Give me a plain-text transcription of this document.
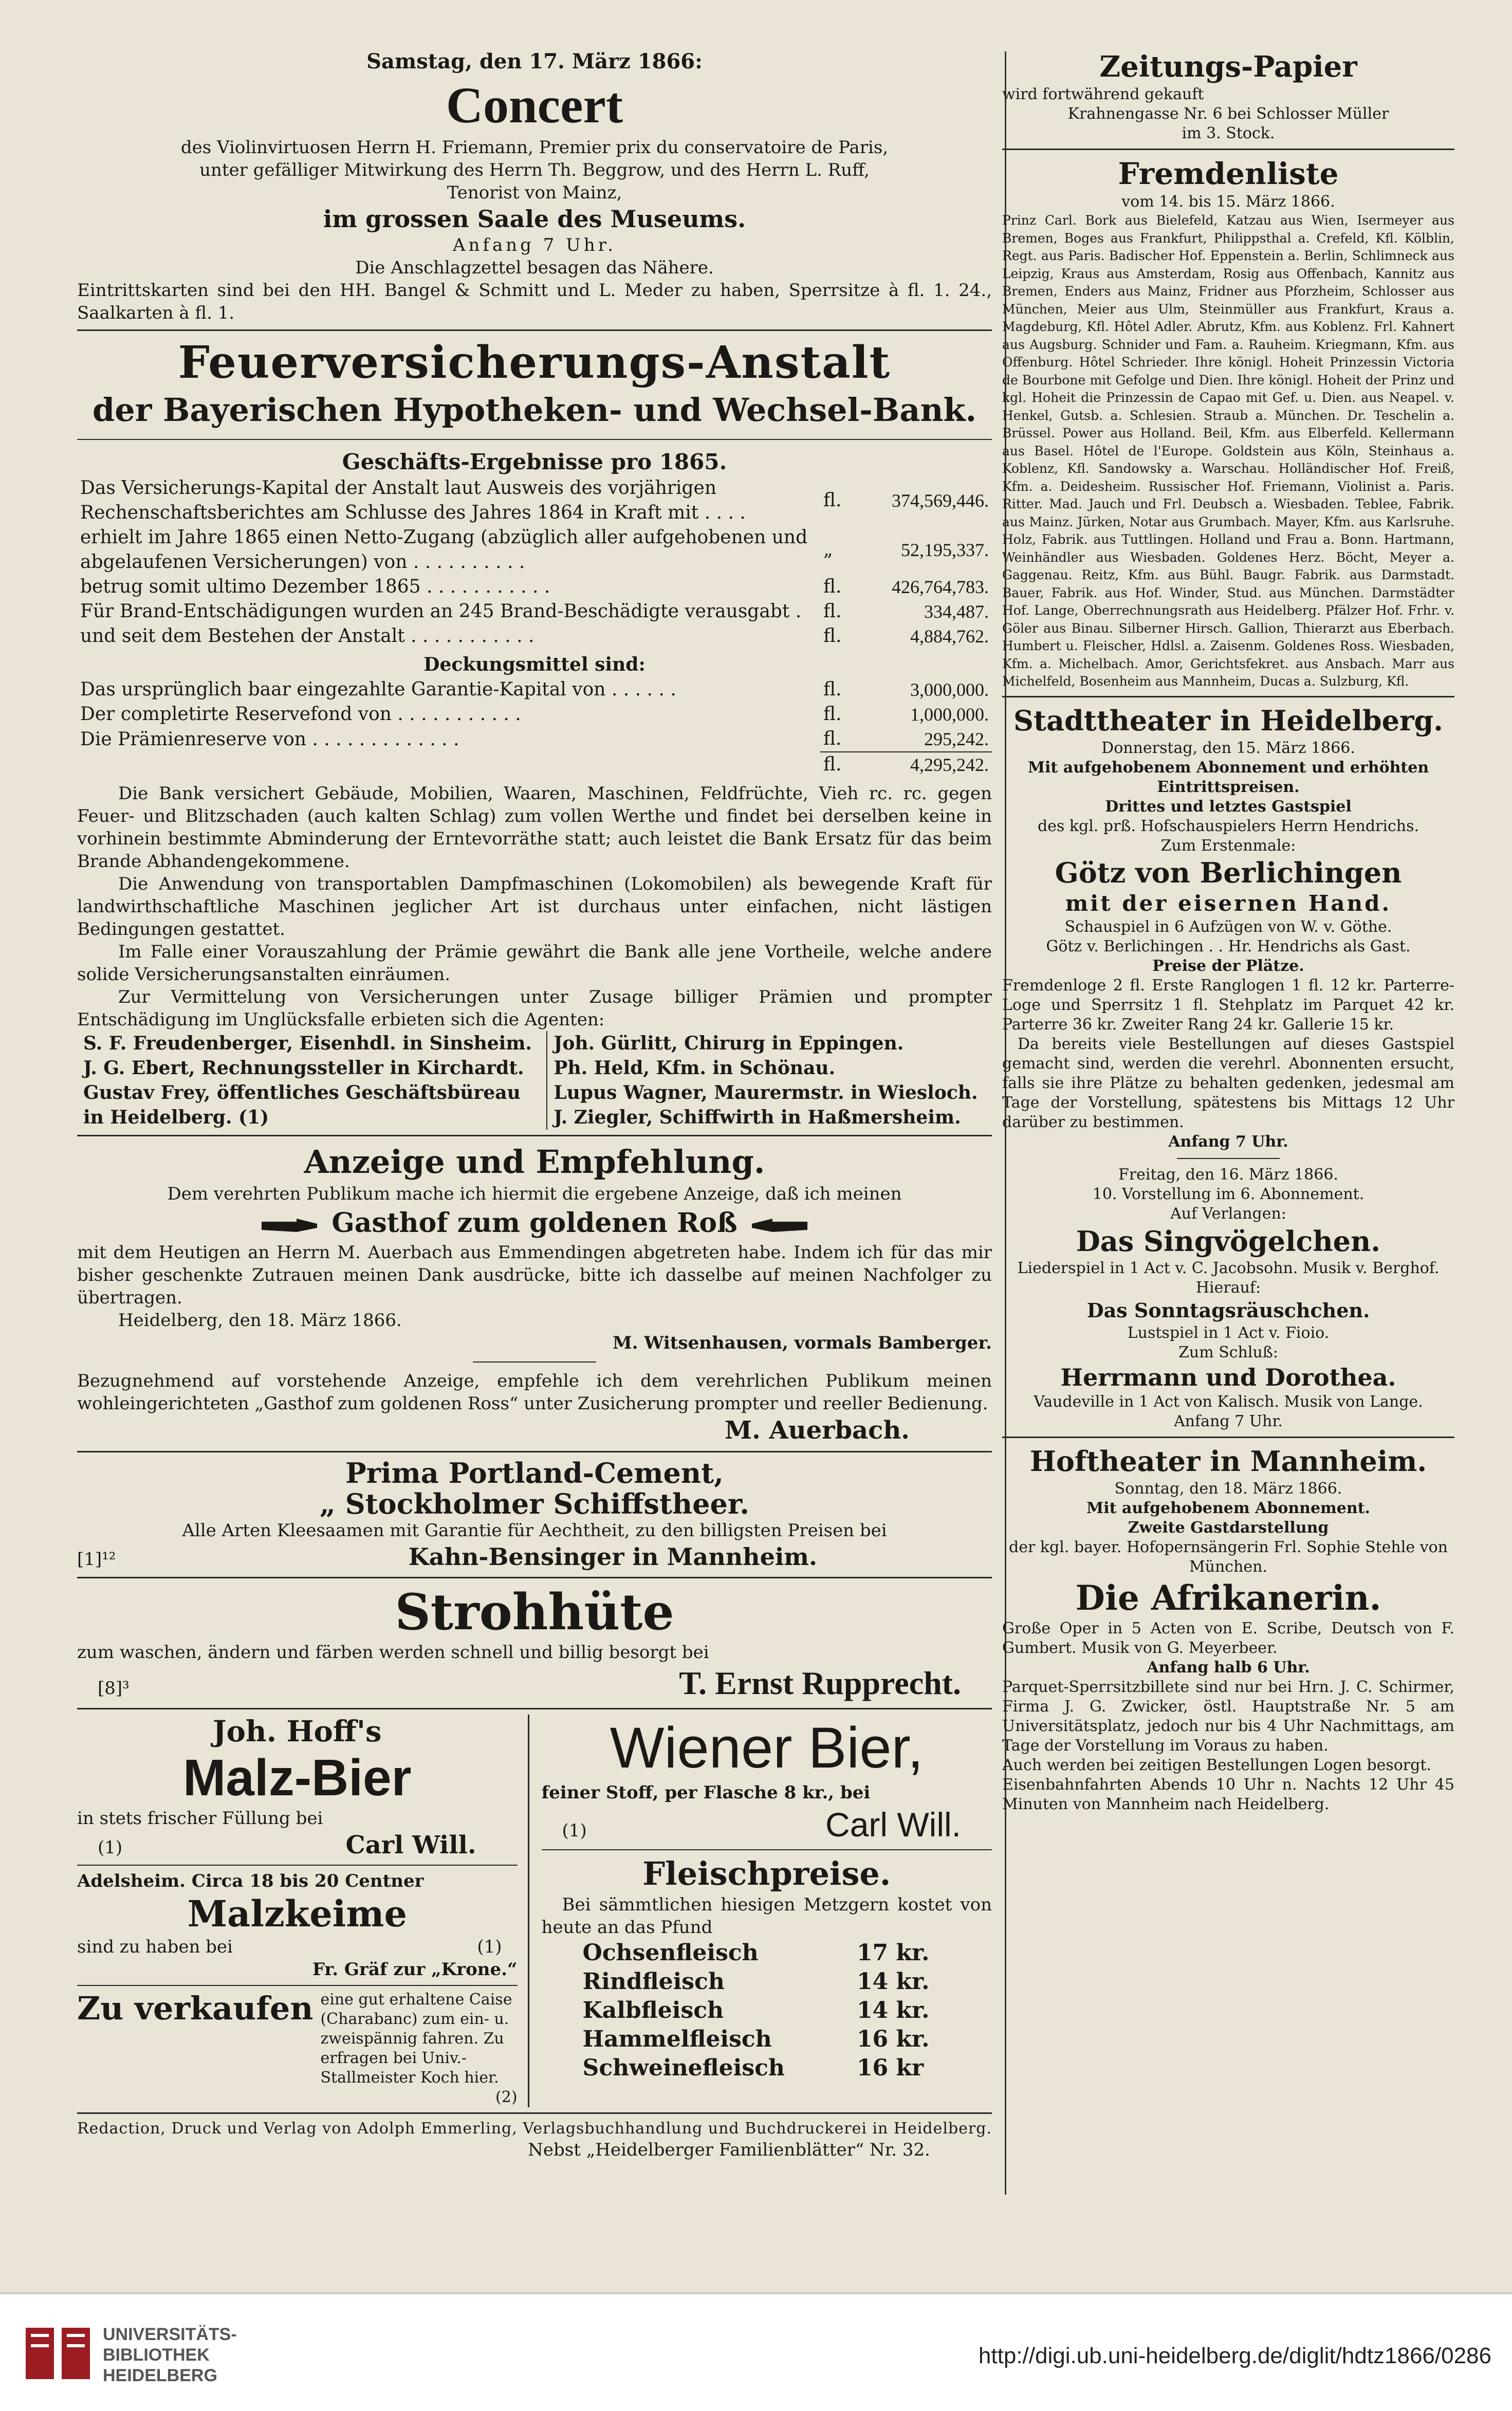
Samstag, den 17. März 1866:

Concert

des Violinvirtuosen Herrn H. Friemann, Premier prix du conservatoire de Paris,

unter gefälliger Mitwirkung des Herrn Th. Beggrow, und des Herrn L. Ruff,

Tenorist von Mainz,

im grossen Saale des Museums.

Anfang 7 Uhr.

Die Anschlagzettel besagen das Nähere.

Eintrittskarten sind bei den HH. Bangel & Schmitt und L. Meder zu haben, Sperrsitze à fl. 1. 24., Saalkarten à fl. 1.

Feuerversicherungs-Anstalt

der Bayerischen Hypotheken- und Wechsel-Bank.

Geschäfts-Ergebnisse pro 1865.

Das Versicherungs-Kapital der Anstalt laut Ausweis des vorjährigen Rechenschaftsberichtes am Schlusse des Jahres 1864 in Kraft mit . . . .	fl.	374,569,446.
erhielt im Jahre 1865 einen Netto-Zugang (abzüglich aller aufgehobenen und abgelaufenen Versicherungen) von . . . . . . . . . .	„	52,195,337.
betrug somit ultimo Dezember 1865 . . . . . . . . . . .	fl.	426,764,783.
Für Brand-Entschädigungen wurden an 245 Brand-Beschädigte verausgabt .	fl.	334,487.
und seit dem Bestehen der Anstalt . . . . . . . . . . .	fl.	4,884,762.

Deckungsmittel sind:

Das ursprünglich baar eingezahlte Garantie-Kapital von . . . . . .	fl.	3,000,000.
Der completirte Reservefond von . . . . . . . . . . .	fl.	1,000,000.
Die Prämienreserve von . . . . . . . . . . . . .	fl.	295,242.
	fl.	4,295,242.

Die Bank versichert Gebäude, Mobilien, Waaren, Maschinen, Feldfrüchte, Vieh rc. rc. gegen Feuer- und Blitzschaden (auch kalten Schlag) zum vollen Werthe und findet bei derselben keine in vorhinein bestimmte Abminderung der Erntevorräthe statt; auch leistet die Bank Ersatz für das beim Brande Abhandengekommene.

Die Anwendung von transportablen Dampfmaschinen (Lokomobilen) als bewegende Kraft für landwirthschaftliche Maschinen jeglicher Art ist durchaus unter einfachen, nicht lästigen Bedingungen gestattet.

Im Falle einer Vorauszahlung der Prämie gewährt die Bank alle jene Vortheile, welche andere solide Versicherungsanstalten einräumen.

Zur Vermittelung von Versicherungen unter Zusage billiger Prämien und prompter Entschädigung im Unglücksfalle erbieten sich die Agenten:

S. F. Freudenberger, Eisenhdl. in Sinsheim.	Joh. Gürlitt, Chirurg in Eppingen.
J. G. Ebert, Rechnungssteller in Kirchardt.	Ph. Held, Kfm. in Schönau.
Gustav Frey, öffentliches Geschäftsbüreau	Lupus Wagner, Maurermstr. in Wiesloch.
in Heidelberg. (1)	J. Ziegler, Schiffwirth in Haßmersheim.

Anzeige und Empfehlung.

Dem verehrten Publikum mache ich hiermit die ergebene Anzeige, daß ich meinen

Gasthof zum goldenen Roß

mit dem Heutigen an Herrn M. Auerbach aus Emmendingen abgetreten habe. Indem ich für das mir bisher geschenkte Zutrauen meinen Dank ausdrücke, bitte ich dasselbe auf meinen Nachfolger zu übertragen.

Heidelberg, den 18. März 1866.

M. Witsenhausen, vormals Bamberger.

Bezugnehmend auf vorstehende Anzeige, empfehle ich dem verehrlichen Publikum meinen wohleingerichteten „Gasthof zum goldenen Ross“ unter Zusicherung prompter und reeller Bedienung.

M. Auerbach.

Prima Portland-Cement,

„ Stockholmer Schiffstheer.

Alle Arten Kleesaamen mit Garantie für Aechtheit, zu den billigsten Preisen bei

[1]¹²	Kahn-Bensinger in Mannheim.

Strohhüte

zum waschen, ändern und färben werden schnell und billig besorgt bei

[8]³	T. Ernst Rupprecht.

Joh. Hoff's

Malz-Bier

in stets frischer Füllung bei

(1)	Carl Will.

Adelsheim. Circa 18 bis 20 Centner

Malzkeime

sind zu haben bei	(1)

Fr. Gräf zur „Krone.“

Zu verkaufen eine gut erhaltene Caise (Charabanc) zum ein- u. zweispännig fahren. Zu erfragen bei Univ.-Stallmeister Koch hier.

(2)

Wiener Bier,

feiner Stoff, per Flasche 8 kr., bei

(1)	Carl Will.

Fleischpreise.

Bei sämmtlichen hiesigen Metzgern kostet von heute an das Pfund

Ochsenfleisch	17 kr.
Rindfleisch	14 kr.
Kalbfleisch	14 kr.
Hammelfleisch	16 kr.
Schweinefleisch	16 kr

Redaction, Druck und Verlag von Adolph Emmerling, Verlagsbuchhandlung und Buchdruckerei in Heidelberg.

Nebst „Heidelberger Familienblätter“ Nr. 32.

Zeitungs-Papier

wird fortwährend gekauft

Krahnengasse Nr. 6 bei Schlosser Müller

im 3. Stock.

Fremdenliste

vom 14. bis 15. März 1866.

Prinz Carl. Bork aus Bielefeld, Katzau aus Wien, Isermeyer aus Bremen, Boges aus Frankfurt, Philippsthal a. Crefeld, Kfl. Kölblin, Regt. aus Paris. Badischer Hof. Eppenstein a. Berlin, Schlimneck aus Leipzig, Kraus aus Amsterdam, Rosig aus Offenbach, Kannitz aus Bremen, Enders aus Mainz, Fridner aus Pforzheim, Schlosser aus München, Meier aus Ulm, Steinmüller aus Frankfurt, Kraus a. Magdeburg, Kfl. Hôtel Adler. Abrutz, Kfm. aus Koblenz. Frl. Kahnert aus Augsburg. Schnider und Fam. a. Rauheim. Kriegmann, Kfm. aus Offenburg. Hôtel Schrieder. Ihre königl. Hoheit Prinzessin Victoria de Bourbone mit Gefolge und Dien. Ihre königl. Hoheit der Prinz und kgl. Hoheit die Prinzessin de Capao mit Gef. u. Dien. aus Neapel. v. Henkel, Gutsb. a. Schlesien. Straub a. München. Dr. Teschelin a. Brüssel. Power aus Holland. Beil, Kfm. aus Elberfeld. Kellermann aus Basel. Hôtel de l'Europe. Goldstein aus Köln, Steinhaus a. Koblenz, Kfl. Sandowsky a. Warschau. Holländischer Hof. Freiß, Kfm. a. Deidesheim. Russischer Hof. Friemann, Violinist a. Paris. Ritter. Mad. Jauch und Frl. Deubsch a. Wiesbaden. Teblee, Fabrik. aus Mainz. Jürken, Notar aus Grumbach. Mayer, Kfm. aus Karlsruhe. Holz, Fabrik. aus Tuttlingen. Holland und Frau a. Bonn. Hartmann, Weinhändler aus Wiesbaden. Goldenes Herz. Böcht, Meyer a. Gaggenau. Reitz, Kfm. aus Bühl. Baugr. Fabrik. aus Darmstadt. Bauer, Fabrik. aus Hof. Winder, Stud. aus München. Darmstädter Hof. Lange, Oberrechnungsrath aus Heidelberg. Pfälzer Hof. Frhr. v. Göler aus Binau. Silberner Hirsch. Gallion, Thierarzt aus Eberbach. Humbert u. Fleischer, Hdlsl. a. Zaisenm. Goldenes Ross. Wiesbaden, Kfm. a. Michelbach. Amor, Gerichtsfekret. aus Ansbach. Marr aus Michelfeld, Bosenheim aus Mannheim, Ducas a. Sulzburg, Kfl.

Stadttheater in Heidelberg.

Donnerstag, den 15. März 1866.

Mit aufgehobenem Abonnement und erhöhten Eintrittspreisen.

Drittes und letztes Gastspiel

des kgl. prß. Hofschauspielers Herrn Hendrichs.

Zum Erstenmale:

Götz von Berlichingen

mit der eisernen Hand.

Schauspiel in 6 Aufzügen von W. v. Göthe.

Götz v. Berlichingen . . Hr. Hendrichs als Gast.

Preise der Plätze.

Fremdenloge 2 fl. Erste Ranglogen 1 fl. 12 kr. Parterre-Loge und Sperrsitz 1 fl. Stehplatz im Parquet 42 kr. Parterre 36 kr. Zweiter Rang 24 kr. Gallerie 15 kr.

Da bereits viele Bestellungen auf dieses Gastspiel gemacht sind, werden die verehrl. Abonnenten ersucht, falls sie ihre Plätze zu behalten gedenken, jedesmal am Tage der Vorstellung, spätestens bis Mittags 12 Uhr darüber zu bestimmen.

Anfang 7 Uhr.

Freitag, den 16. März 1866.

10. Vorstellung im 6. Abonnement.

Auf Verlangen:

Das Singvögelchen.

Liederspiel in 1 Act v. C. Jacobsohn. Musik v. Berghof.

Hierauf:

Das Sonntagsräuschchen.

Lustspiel in 1 Act v. Fioio.

Zum Schluß:

Herrmann und Dorothea.

Vaudeville in 1 Act von Kalisch. Musik von Lange.

Anfang 7 Uhr.

Hoftheater in Mannheim.

Sonntag, den 18. März 1866.

Mit aufgehobenem Abonnement.

Zweite Gastdarstellung

der kgl. bayer. Hofopernsängerin Frl. Sophie Stehle von München.

Die Afrikanerin.

Große Oper in 5 Acten von E. Scribe, Deutsch von F. Gumbert. Musik von G. Meyerbeer.

Anfang halb 6 Uhr.

Parquet-Sperrsitzbillete sind nur bei Hrn. J. C. Schirmer, Firma J. G. Zwicker, östl. Hauptstraße Nr. 5 am Universitätsplatz, jedoch nur bis 4 Uhr Nachmittags, am Tage der Vorstellung im Voraus zu haben.

Auch werden bei zeitigen Bestellungen Logen besorgt.

Eisenbahnfahrten Abends 10 Uhr n. Nachts 12 Uhr 45 Minuten von Mannheim nach Heidelberg.

UNIVERSITÄTS-
BIBLIOTHEK
HEIDELBERG
http://digi.ub.uni-heidelberg.de/diglit/hdtz1866/0286
